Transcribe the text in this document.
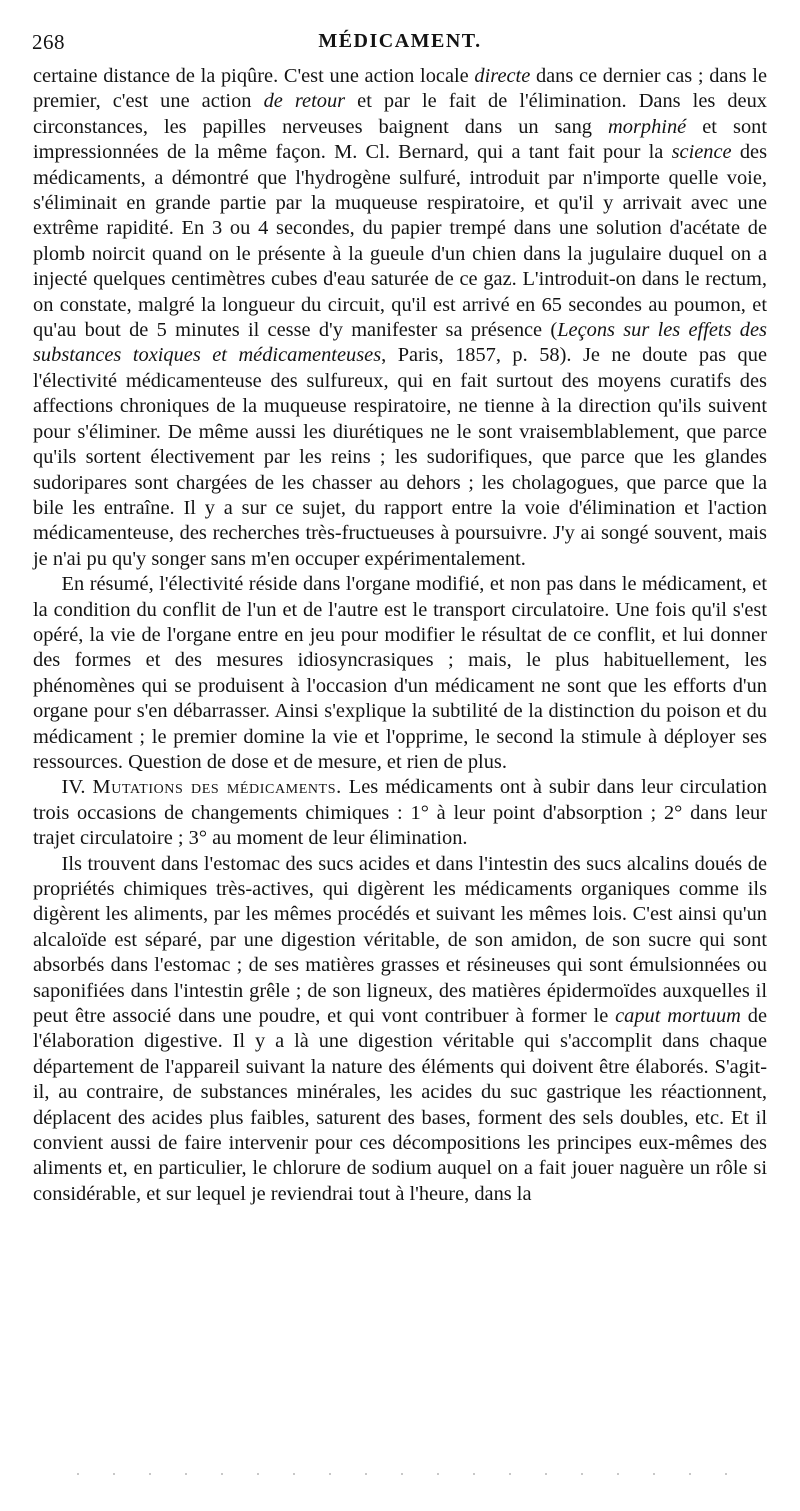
268	MÉDICAMENT.

certaine distance de la piqûre. C'est une action locale directe dans ce dernier cas ; dans le premier, c'est une action de retour et par le fait de l'élimination. Dans les deux circonstances, les papilles nerveuses baignent dans un sang morphiné et sont impressionnées de la même façon. M. Cl. Bernard, qui a tant fait pour la science des médicaments, a démontré que l'hydrogène sulfuré, introduit par n'importe quelle voie, s'éliminait en grande partie par la muqueuse respiratoire, et qu'il y arrivait avec une extrême rapidité. En 3 ou 4 secondes, du papier trempé dans une solution d'acétate de plomb noircit quand on le présente à la gueule d'un chien dans la jugulaire duquel on a injecté quelques centimètres cubes d'eau saturée de ce gaz. L'introduit-on dans le rectum, on constate, malgré la longueur du circuit, qu'il est arrivé en 65 secondes au poumon, et qu'au bout de 5 minutes il cesse d'y manifester sa présence (Leçons sur les effets des substances toxiques et médicamenteuses, Paris, 1857, p. 58). Je ne doute pas que l'électivité médicamenteuse des sulfureux, qui en fait surtout des moyens curatifs des affections chroniques de la muqueuse respiratoire, ne tienne à la direction qu'ils suivent pour s'éliminer. De même aussi les diurétiques ne le sont vraisemblablement, que parce qu'ils sortent électivement par les reins ; les sudorifiques, que parce que les glandes sudoripares sont chargées de les chasser au dehors ; les cholagogues, que parce que la bile les entraîne. Il y a sur ce sujet, du rapport entre la voie d'élimination et l'action médicamenteuse, des recherches très-fructueuses à poursuivre. J'y ai songé souvent, mais je n'ai pu qu'y songer sans m'en occuper expérimentalement.

En résumé, l'électivité réside dans l'organe modifié, et non pas dans le médicament, et la condition du conflit de l'un et de l'autre est le transport circulatoire. Une fois qu'il s'est opéré, la vie de l'organe entre en jeu pour modifier le résultat de ce conflit, et lui donner des formes et des mesures idiosyncrasiques ; mais, le plus habituellement, les phénomènes qui se produisent à l'occasion d'un médicament ne sont que les efforts d'un organe pour s'en débarrasser. Ainsi s'explique la subtilité de la distinction du poison et du médicament ; le premier domine la vie et l'opprime, le second la stimule à déployer ses ressources. Question de dose et de mesure, et rien de plus.

IV. Mutations des médicaments. Les médicaments ont à subir dans leur circulation trois occasions de changements chimiques : 1° à leur point d'absorption ; 2° dans leur trajet circulatoire ; 3° au moment de leur élimination.

Ils trouvent dans l'estomac des sucs acides et dans l'intestin des sucs alcalins doués de propriétés chimiques très-actives, qui digèrent les médicaments organiques comme ils digèrent les aliments, par les mêmes procédés et suivant les mêmes lois. C'est ainsi qu'un alcaloïde est séparé, par une digestion véritable, de son amidon, de son sucre qui sont absorbés dans l'estomac ; de ses matières grasses et résineuses qui sont émulsionnées ou saponifiées dans l'intestin grêle ; de son ligneux, des matières épidermoïdes auxquelles il peut être associé dans une poudre, et qui vont contribuer à former le caput mortuum de l'élaboration digestive. Il y a là une digestion véritable qui s'accomplit dans chaque département de l'appareil suivant la nature des éléments qui doivent être élaborés. S'agit-il, au contraire, de substances minérales, les acides du suc gastrique les réactionnent, déplacent des acides plus faibles, saturent des bases, forment des sels doubles, etc. Et il convient aussi de faire intervenir pour ces décompositions les principes eux-mêmes des aliments et, en particulier, le chlorure de sodium auquel on a fait jouer naguère un rôle si considérable, et sur lequel je reviendrai tout à l'heure, dans la
